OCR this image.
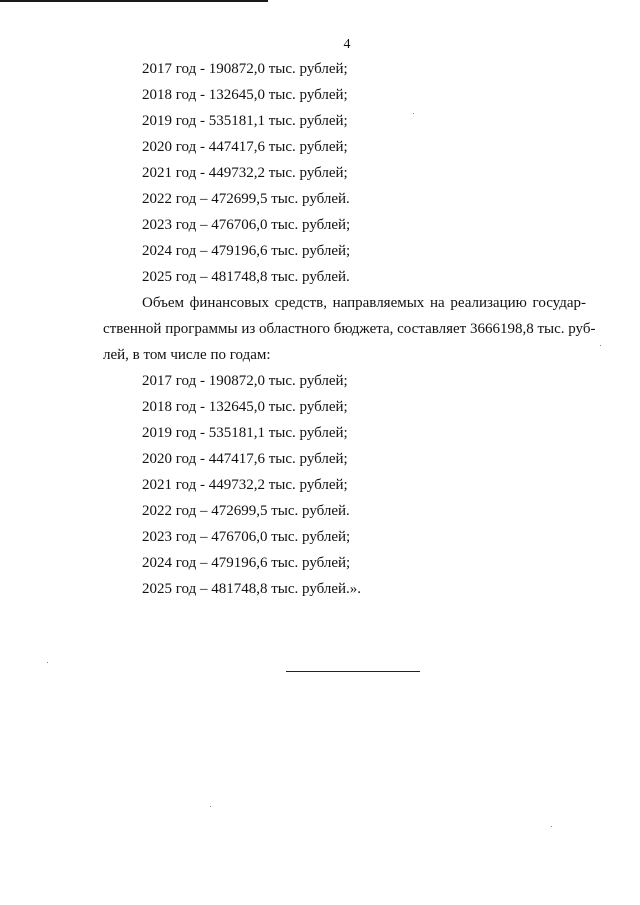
4
2017 год - 190872,0 тыс. рублей;
2018 год - 132645,0 тыс. рублей;
2019 год - 535181,1 тыс. рублей;
2020 год - 447417,6 тыс. рублей;
2021 год - 449732,2 тыс. рублей;
2022 год – 472699,5 тыс. рублей.
2023 год – 476706,0 тыс. рублей;
2024 год – 479196,6 тыс. рублей;
2025 год – 481748,8 тыс. рублей.
Объем финансовых средств, направляемых на реализацию государ-
ственной программы из областного бюджета, составляет 3666198,8 тыс. руб-
лей, в том числе по годам:
2017 год - 190872,0 тыс. рублей;
2018 год - 132645,0 тыс. рублей;
2019 год - 535181,1 тыс. рублей;
2020 год - 447417,6 тыс. рублей;
2021 год - 449732,2 тыс. рублей;
2022 год – 472699,5 тыс. рублей.
2023 год – 476706,0 тыс. рублей;
2024 год – 479196,6 тыс. рублей;
2025 год – 481748,8 тыс. рублей.».
